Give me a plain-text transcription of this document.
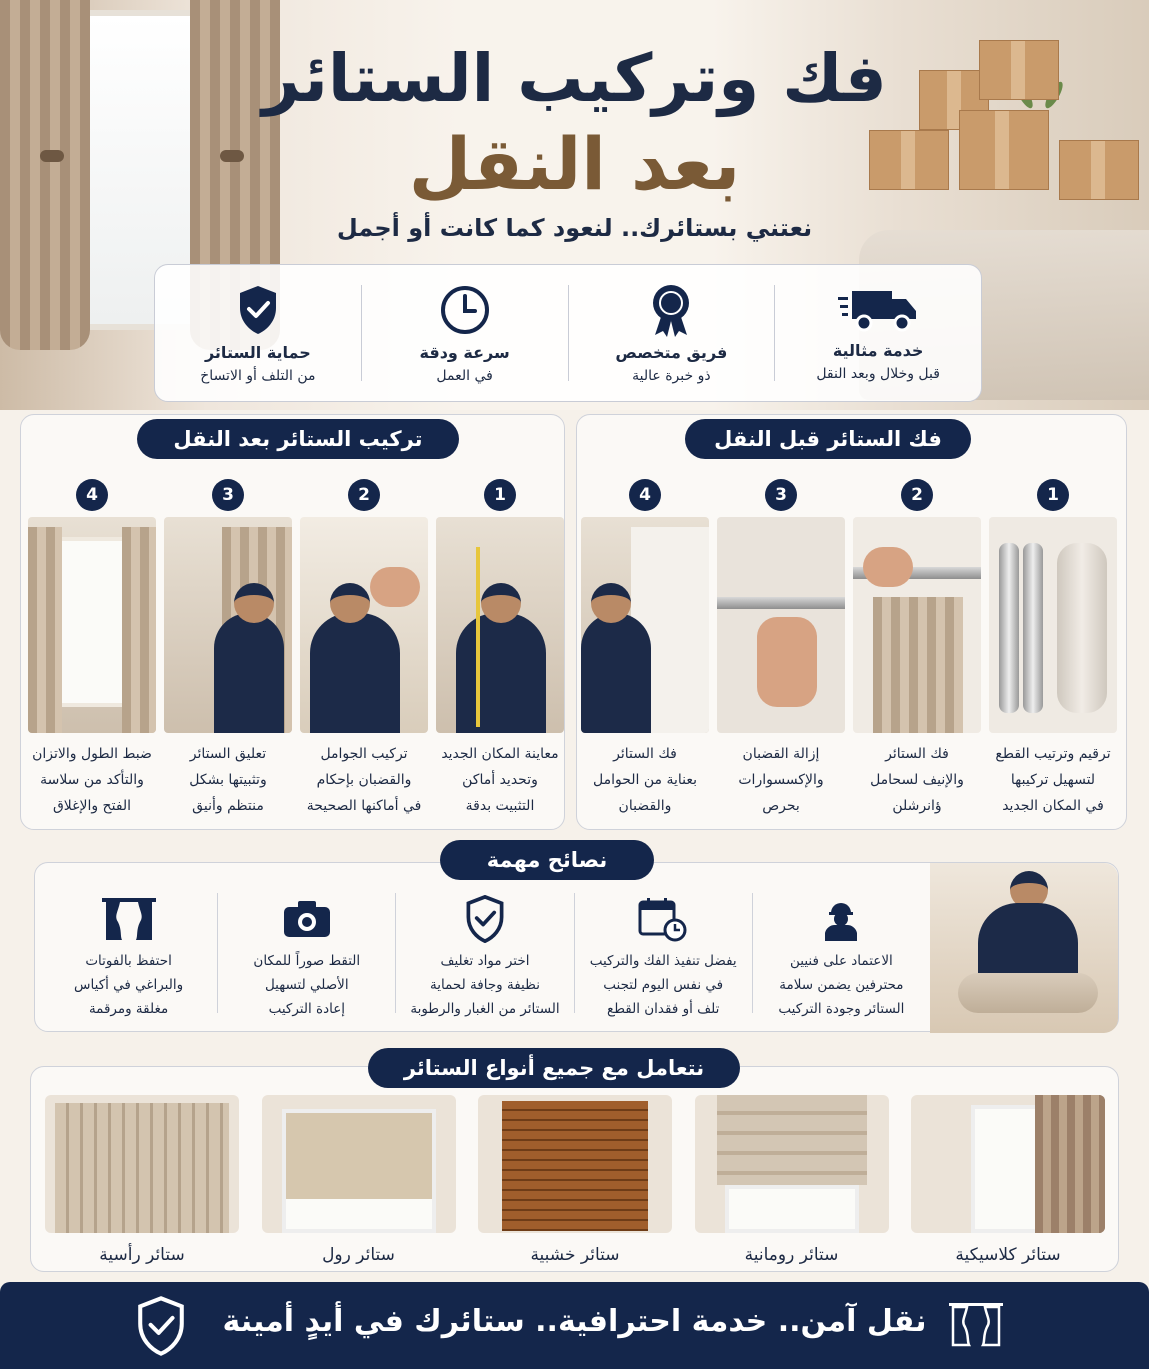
فك وتركيب الستائر
بعد النقل
نعتني بستائرك.. لنعود كما كانت أو أجمل
خدمة مثالية
قبل وخلال وبعد النقل
فريق متخصص
ذو خبرة عالية
سرعة ودقة
في العمل
حماية الستائر
من التلف أو الاتساخ
تركيب الستائر بعد النقل
1
معاينة المكان الجديد
وتحديد أماكن
التثبيت بدقة
2
تركيب الجوامل
والقضبان بإحكام
في أماكنها الصحيحة
3
تعليق الستائر
وتثبيتها بشكل
منتظم وأنيق
4
ضبط الطول والاتزان
والتأكد من سلاسة
الفتح والإغلاق
فك الستائر قبل النقل
1
ترقيم وترتيب القطع
لتسهيل تركيبها
في المكان الجديد
2
فك الستائر
والإنيف لسحامل
ؤانرشلن
3
إزالة القضبان
والإكسسوارات
بحرص
4
فك الستائر
بعناية من الحوامل
والقضبان
الاعتماد على فنيين
محترفين يضمن سلامة
الستائر وجودة التركيب
يفضل تنفيذ الفك والتركيب
في نفس اليوم لتجنب
تلف أو فقدان القطع
اختر مواد تغليف
نظيفة وجافة لحماية
الستائر من الغبار والرطوبة
التقط صوراً للمكان
الأصلي لتسهيل
إعادة التركيب
احتفظ بالفوتات
والبراغي في أكياس
مغلقة ومرقمة
نصائح مهمة
ستائر كلاسيكية
ستائر رومانية
ستائر خشبية
ستائر رول
ستائر رأسية
نتعامل مع جميع أنواع الستائر
نقل آمن.. خدمة احترافية.. ستائرك في أيدٍ أمينة
